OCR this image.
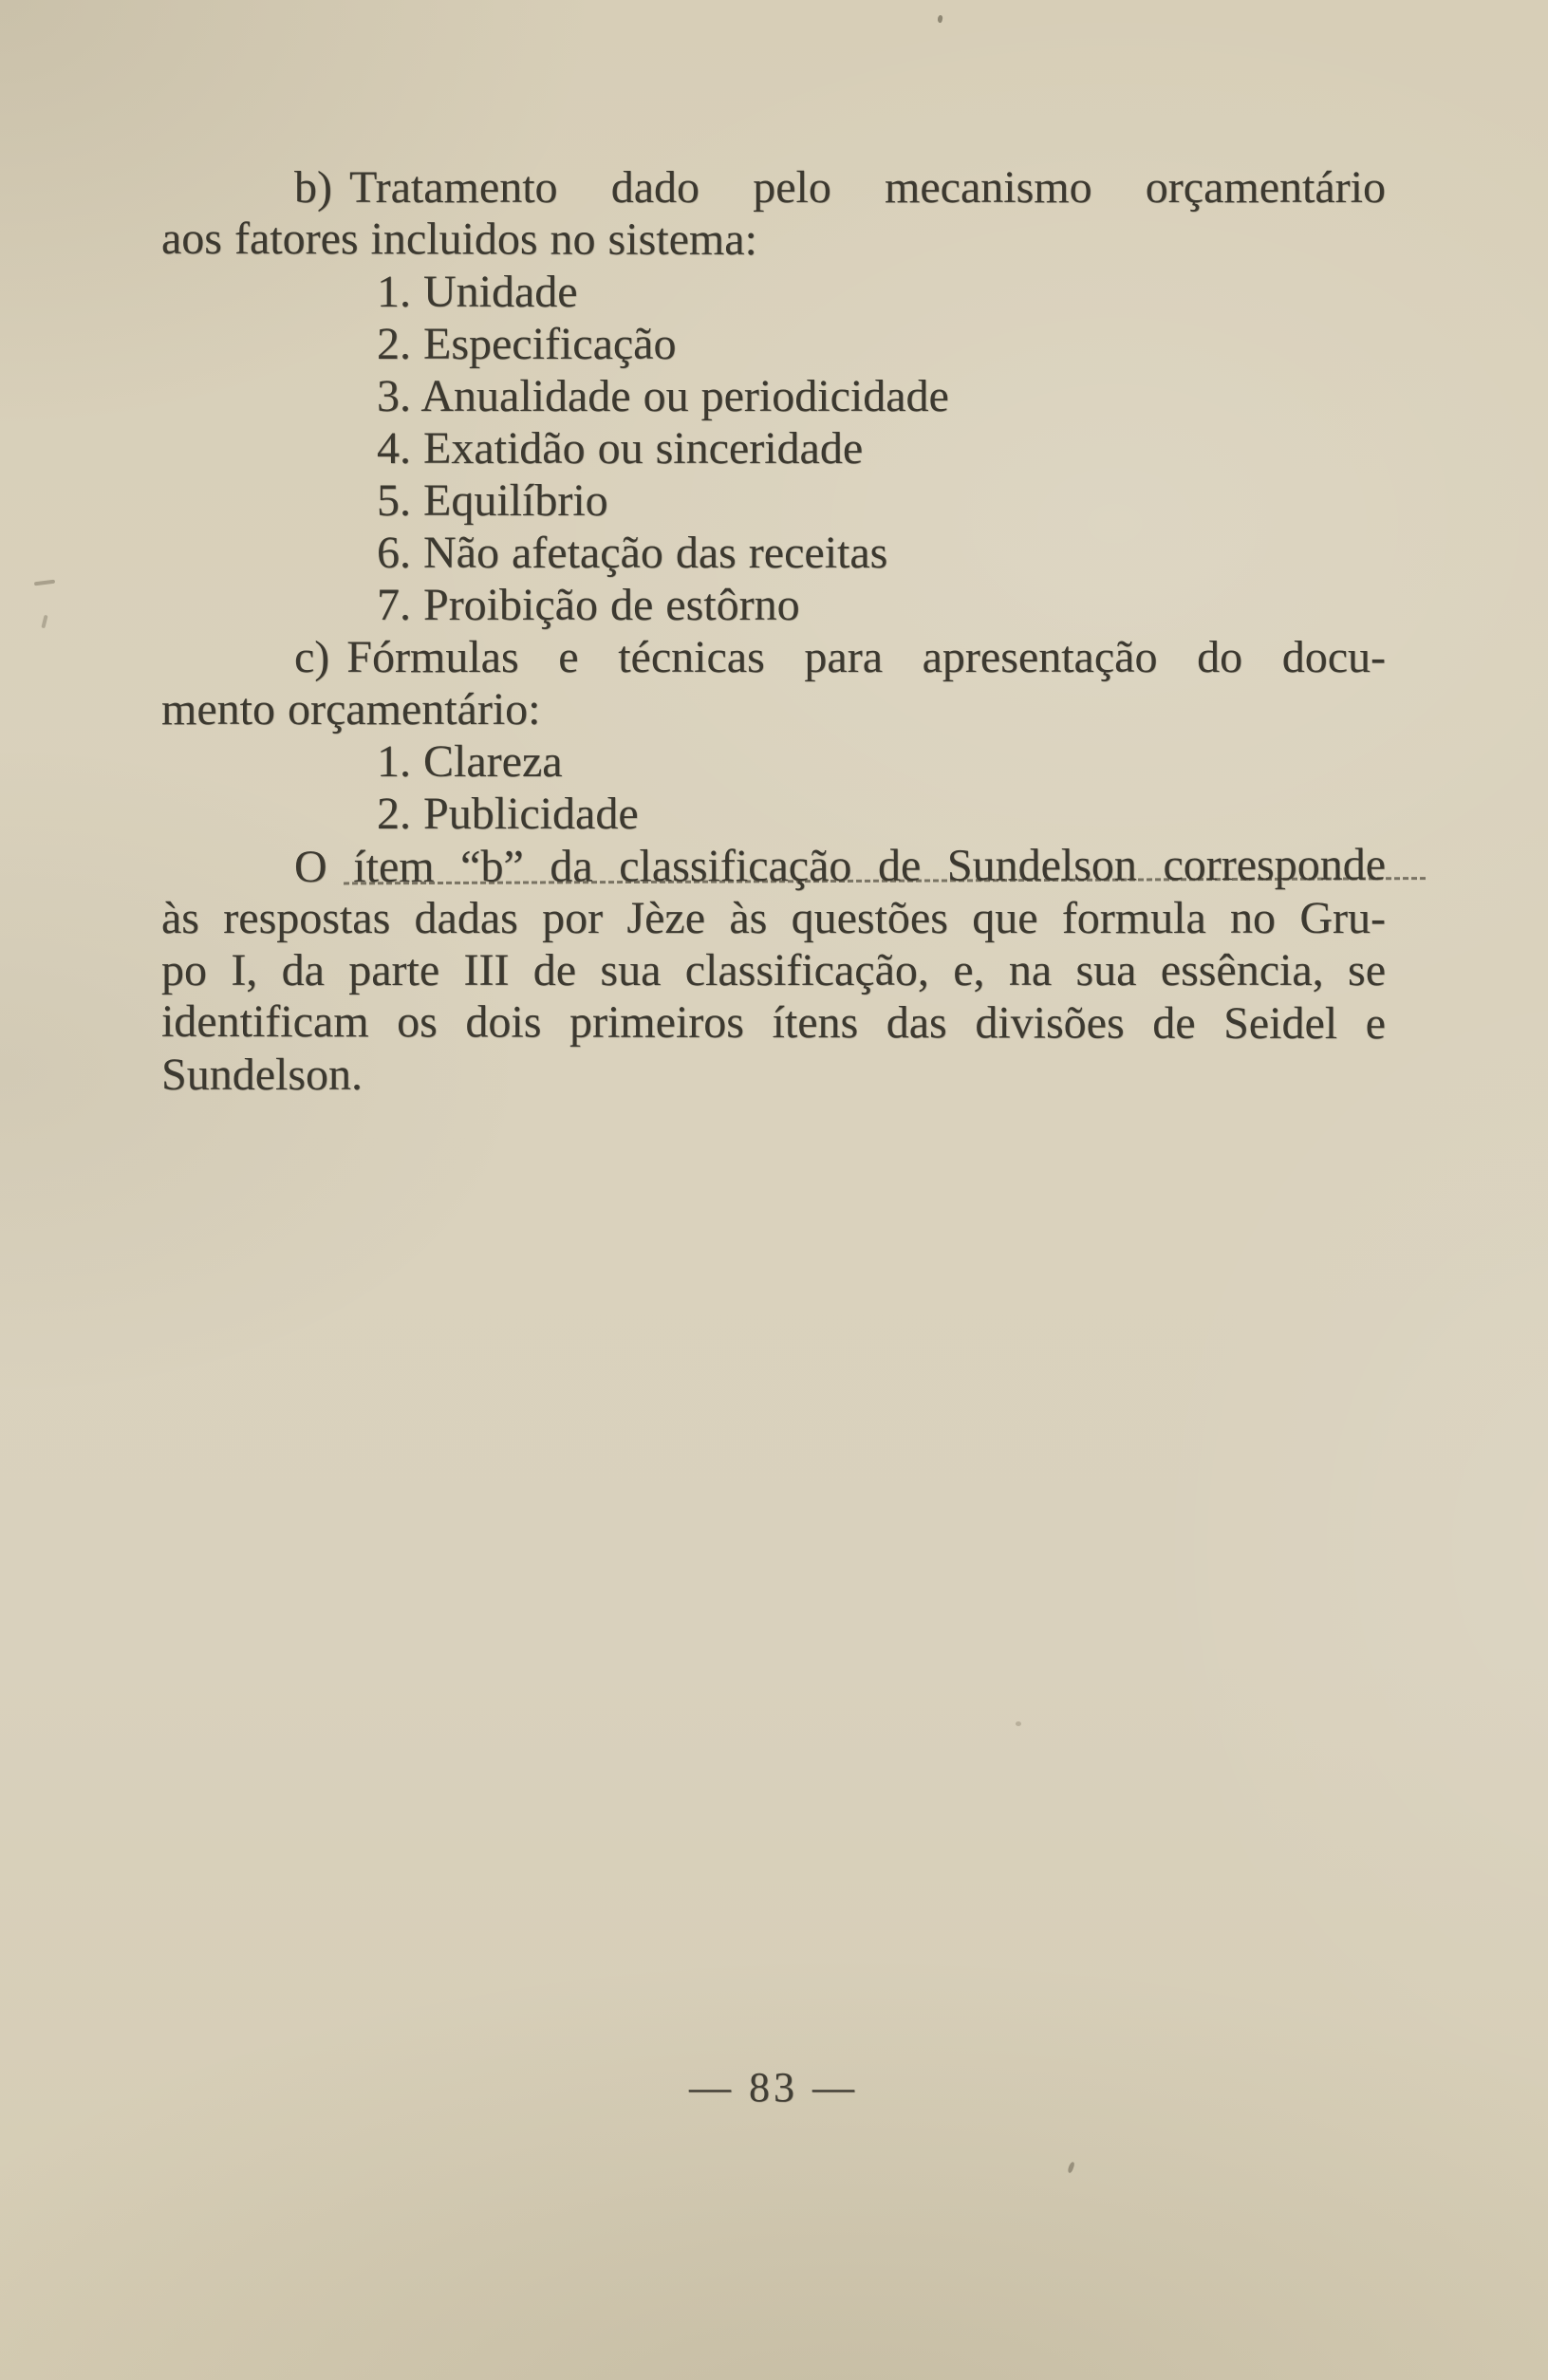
b) Tratamento dado pelo mecanismo orçamentário
aos fatores incluidos no sistema:
1. Unidade
2. Especificação
3. Anualidade ou periodicidade
4. Exatidão ou sinceridade
5. Equilíbrio
6. Não afetação das receitas
7. Proibição de estôrno
c) Fórmulas e técnicas para apresentação do docu-
mento orçamentário:
1. Clareza
2. Publicidade
O ítem “b” da classificação de Sundelson corresponde
às respostas dadas por Jèze às questões que formula no Gru-
po I, da parte III de sua classificação, e, na sua essência, se
identificam os dois primeiros ítens das divisões de Seidel e
Sundelson.
— 83 —
